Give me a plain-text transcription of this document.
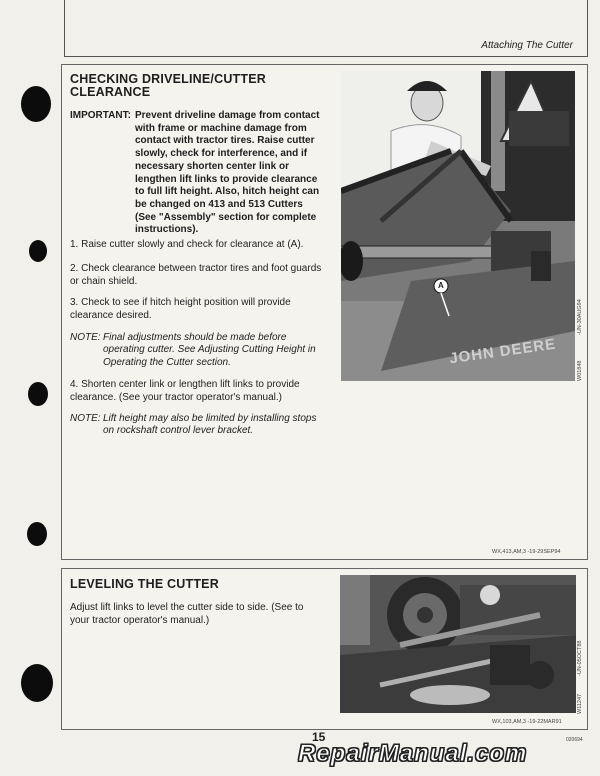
Attaching The Cutter
CHECKING DRIVELINE/CUTTER
CLEARANCE
IMPORTANT: Prevent driveline damage from contact
with frame or machine damage from
contact with tractor tires. Raise cutter
slowly, check for interference, and if
necessary shorten center link or
lengthen lift links to provide clearance
to full lift height. Also, hitch height can
be changed on 413 and 513 Cutters
(See "Assembly" section for complete
instructions).
1. Raise cutter slowly and check for clearance at (A).
2. Check clearance between tractor tires and foot guards
or chain shield.
3. Check to see if hitch height position will provide
clearance desired.
NOTE: Final adjustments should be made before
operating cutter. See Adjusting Cutting Height in
Operating the Cutter section.
4. Shorten center link or lengthen lift links to provide
clearance. (See your tractor operator's manual.)
NOTE: Lift height may also be limited by installing stops
on rockshaft control lever bracket.
A
JOHN DEERE
-UN-30AUG94
W01848
WX,413,AM,3 -19-29SEP94
LEVELING THE CUTTER
Adjust lift links to level the cutter side to side. (See to
your tractor operator's manual.)
-UN-05OCT88
W11247
WX,103,AM,3 -19-22MAR91
15	020694
RepairManual.com
